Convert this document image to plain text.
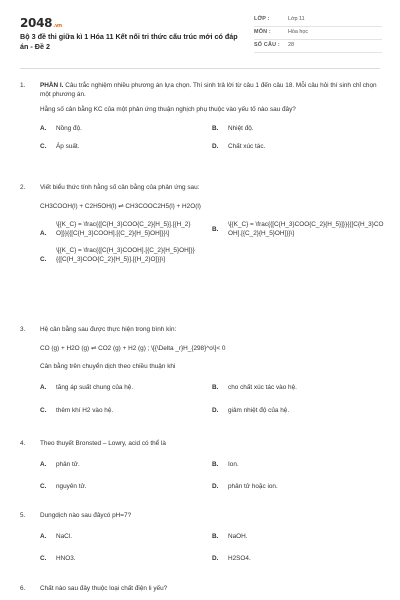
2048.vn
Bộ 3 đề thi giữa kì 1 Hóa 11 Kết nối tri thức cấu trúc mới có đáp án - Đề 2
LỚP :	Lớp 11
MÔN :	Hóa học
SỐ CÂU :	28
1.	PHẦN I. Câu trắc nghiệm nhiều phương án lựa chọn. Thí sinh trả lời từ câu 1 đến câu 18. Mỗi câu hỏi thí sinh chỉ chọn một phương án.
Hằng số cân bằng KC của một phản ứng thuận nghịch phụ thuộc vào yếu tố nào sau đây?
A.	Nồng độ.	B.	Nhiệt độ.
C.	Áp suất.	D.	Chất xúc tác.
2.	Viết biểu thức tính hằng số cân bằng của phản ứng sau:
CH3COOH(l) + C2H5OH(l) ⇌ CH3COOC2H5(l) + H2O(l)
A.
\[{K_C} = \frac{{[C{H_3}COO{C_2}{H_5}].[{H_2}O]}}{{[C{H_3}COOH].[{C_2}{H_5}OH]}}\]
B.
\[{K_C} = \frac{{[C{H_3}COO{C_2}{H_5}]}}{{[C{H_3}COOH].[{C_2}{H_5}OH]}}\]
C.
\[{K_C} = \frac{{[C{H_3}COOH].[{C_2}{H_5}OH]}}{{[C{H_3}COO{C_2}{H_5}].[{H_2}O]}}\]
3.	Hệ cân bằng sau được thực hiện trong bình kín:
CO (g) + H2O (g) ⇌ CO2 (g) + H2 (g) ; \[{\Delta _r}H_{298}^o\]< 0
Cân bằng trên chuyển dịch theo chiều thuận khi
A.	tăng áp suất chung của hệ.	B.	cho chất xúc tác vào hệ.
C.	thêm khí H2 vào hệ.	D.	giảm nhiệt độ của hệ.
4.	Theo thuyết Bronsted – Lowry, acid có thể là
A.	phân tử.	B.	Ion.
C.	nguyên tử.	D.	phân tử hoặc ion.
5.	Dungdịch nào sau đâycó pH=7?
A.	NaCl.	B.	NaOH.
C.	HNO3.	D.	H2SO4.
6.	Chất nào sau đây thuộc loại chất điện li yếu?
